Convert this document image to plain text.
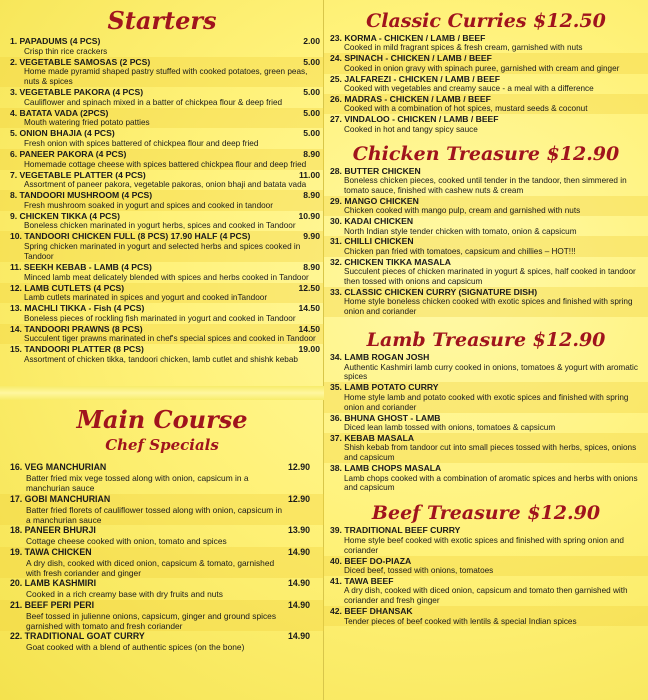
Starters
1. PAPADUMS (4 PCS)	2.00
Crisp thin rice crackers
2. VEGETABLE SAMOSAS (2 PCS)	5.00
Home made pyramid shaped pastry stuffed with cooked potatoes, green peas, nuts & spices
3. VEGETABLE PAKORA (4 PCS)	5.00
Cauliflower and spinach mixed in a batter of chickpea flour & deep fried
4. BATATA VADA (2PCS)	5.00
Mouth watering fried potato patties
5. ONION BHAJIA (4 PCS)	5.00
Fresh onion with spices battered of chickpea flour and deep fried
6. PANEER PAKORA (4 PCS)	8.90
Homemade cottage cheese with spices battered chickpea flour and deep fried
7. VEGETABLE PLATTER (4 PCS)	11.00
Assortment of paneer pakora, vegetable pakoras, onion bhaji and batata vada
8. TANDOORI MUSHROOM (4 PCS)	8.90
Fresh mushroom soaked in yogurt and spices and cooked in tandoor
9. CHICKEN TIKKA (4 PCS)	10.90
Boneless chicken marinated in yogurt herbs, spices and cooked in Tandoor
10. TANDOORI CHICKEN FULL (8 PCS) 17.90 HALF (4 PCS)	9.90
Spring chicken marinated in yogurt and selected herbs and spices cooked in Tandoor
11. SEEKH KEBAB - LAMB (4 PCS)	8.90
Minced lamb meat delicately blended with spices and herbs cooked in Tandoor
12. LAMB CUTLETS (4 PCS)	12.50
Lamb cutlets marinated in spices and yogurt and cooked inTandoor
13. MACHLI TIKKA - Fish (4 PCS)	14.50
Boneless pieces of rockling fish marinated in yogurt and cooked in Tandoor
14. TANDOORI PRAWNS (8 PCS)	14.50
Succulent tiger prawns marinated in chef's special spices and cooked in Tandoor
15. TANDOORI PLATTER (8 PCS)	19.00
Assortment of chicken tikka, tandoori chicken, lamb cutlet and shishk kebab
Main Course
Chef Specials
16. VEG MANCHURIAN	12.90
Batter fried mix vege tossed along with onion, capsicum in a manchurian sauce
17. GOBI MANCHURIAN	12.90
Batter fried florets of cauliflower tossed along with onion, capsicum in a manchurian sauce
18. PANEER BHURJI	13.90
Cottage cheese cooked with onion, tomato and spices
19. TAWA CHICKEN	14.90
A dry dish, cooked with diced onion, capsicum & tomato, garnished with fresh coriander and ginger
20. LAMB KASHMIRI	14.90
Cooked in a rich creamy base with dry fruits and nuts
21. BEEF PERI PERI	14.90
Beef tossed in julienne onions, capsicum, ginger and ground spices garnished with tomato and fresh coriander
22. TRADITIONAL GOAT CURRY	14.90
Goat cooked with a blend of authentic spices (on the bone)
Classic Curries $12.50
23. KORMA - CHICKEN / LAMB / BEEF
Cooked in mild fragrant spices & fresh cream, garnished with nuts
24. SPINACH - CHICKEN / LAMB / BEEF
Cooked in onion gravy with spinach puree, garnished with cream and ginger
25. JALFAREZI - CHICKEN / LAMB / BEEF
Cooked with vegetables and creamy sauce - a meal with a difference
26. MADRAS - CHICKEN / LAMB / BEEF
Cooked with a combination of hot spices, mustard seeds & coconut
27. VINDALOO - CHICKEN / LAMB / BEEF
Cooked in hot and tangy spicy sauce
Chicken Treasure $12.90
28. BUTTER CHICKEN
Boneless chicken pieces, cooked until tender in the tandoor, then simmered in tomato sauce, finished with cashew nuts & cream
29. MANGO CHICKEN
Chicken cooked with mango pulp, cream and garnished with nuts
30. KADAI CHICKEN
North Indian style tender chicken with tomato, onion & capsicum
31. CHILLI CHICKEN
Chicken pan fried with tomatoes, capsicum and chillies – HOT!!!
32. CHICKEN TIKKA MASALA
Succulent pieces of chicken marinated in yogurt & spices, half cooked in tandoor then tossed with onions and capsicum
33. CLASSIC CHICKEN CURRY (SIGNATURE DISH)
Home style boneless chicken cooked with exotic spices and finished with spring onion and coriander
Lamb Treasure $12.90
34. LAMB ROGAN JOSH
Authentic Kashmiri lamb curry cooked in onions, tomatoes & yogurt with aromatic spices
35. LAMB POTATO CURRY
Home style lamb and potato cooked with exotic spices and finished with spring onion and coriander
36. BHUNA GHOST - LAMB
Diced lean lamb tossed with onions, tomatoes & capsicum
37. KEBAB MASALA
Shish kebab from tandoor cut into small pieces tossed with herbs, spices, onions and capsicum
38. LAMB CHOPS MASALA
Lamb chops cooked with a combination of aromatic spices and herbs with onions and capsicum
Beef Treasure $12.90
39. TRADITIONAL BEEF CURRY
Home style beef cooked with exotic spices and finished with spring onion and coriander
40. BEEF DO-PIAZA
Diced beef, tossed with onions, tomatoes
41. TAWA BEEF
A dry dish, cooked with diced onion, capsicum and tomato then garnished with coriander and fresh ginger
42. BEEF DHANSAK
Tender pieces of beef cooked with lentils & special Indian spices
